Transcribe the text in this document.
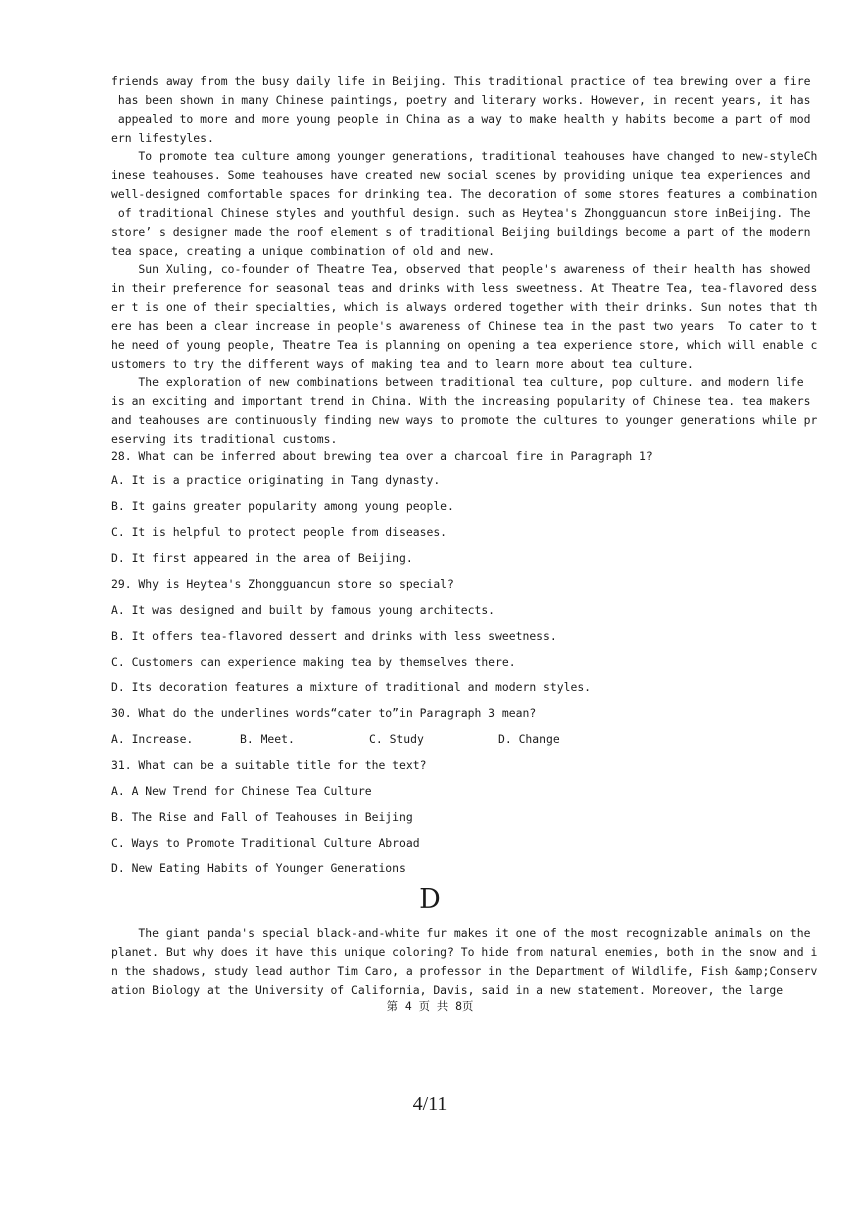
friends away from the busy daily life in Beijing. This traditional practice of tea brewing over a fire
has been shown in many Chinese paintings, poetry and literary works. However, in recent years, it has
appealed to more and more young people in China as a way to make health y habits become a part of mod
ern lifestyles.
To promote tea culture among younger generations, traditional teahouses have changed to new-styleCh
inese teahouses. Some teahouses have created new social scenes by providing unique tea experiences and
well-designed comfortable spaces for drinking tea. The decoration of some stores features a combination
of traditional Chinese styles and youthful design. such as Heytea's Zhongguancun store inBeijing. The
store’ s designer made the roof element s of traditional Beijing buildings become a part of the modern
tea space, creating a unique combination of old and new.
Sun Xuling, co-founder of Theatre Tea, observed that people's awareness of their health has showed
in their preference for seasonal teas and drinks with less sweetness. At Theatre Tea, tea-flavored dess
er t is one of their specialties, which is always ordered together with their drinks. Sun notes that th
ere has been a clear increase in people's awareness of Chinese tea in the past two years  To cater to t
he need of young people, Theatre Tea is planning on opening a tea experience store, which will enable c
ustomers to try the different ways of making tea and to learn more about tea culture.
The exploration of new combinations between traditional tea culture, pop culture. and modern life
is an exciting and important trend in China. With the increasing popularity of Chinese tea. tea makers
and teahouses are continuously finding new ways to promote the cultures to younger generations while pr
eserving its traditional customs.
28. What can be inferred about brewing tea over a charcoal fire in Paragraph 1?
A. It is a practice originating in Tang dynasty.
B. It gains greater popularity among young people.
C. It is helpful to protect people from diseases.
D. It first appeared in the area of Beijing.
29. Why is Heytea's Zhongguancun store so special?
A. It was designed and built by famous young architects.
B. It offers tea-flavored dessert and drinks with less sweetness.
C. Customers can experience making tea by themselves there.
D. Its decoration features a mixture of traditional and modern styles.
30. What do the underlines words“cater to”in Paragraph 3 mean?

A. Increase.

	B. Meet.

	C. Study

	D. Change

31. What can be a suitable title for the text?
A. A New Trend for Chinese Tea Culture
B. The Rise and Fall of Teahouses in Beijing
C. Ways to Promote Traditional Culture Abroad
D. New Eating Habits of Younger Generations
D
The giant panda's special black-and-white fur makes it one of the most recognizable animals on the
planet. But why does it have this unique coloring? To hide from natural enemies, both in the snow and i
n the shadows, study lead author Tim Caro, a professor in the Department of Wildlife, Fish &amp;Conserv
ation Biology at the University of California, Davis, said in a new statement. Moreover, the large
第 4 页 共 8页
4/11
